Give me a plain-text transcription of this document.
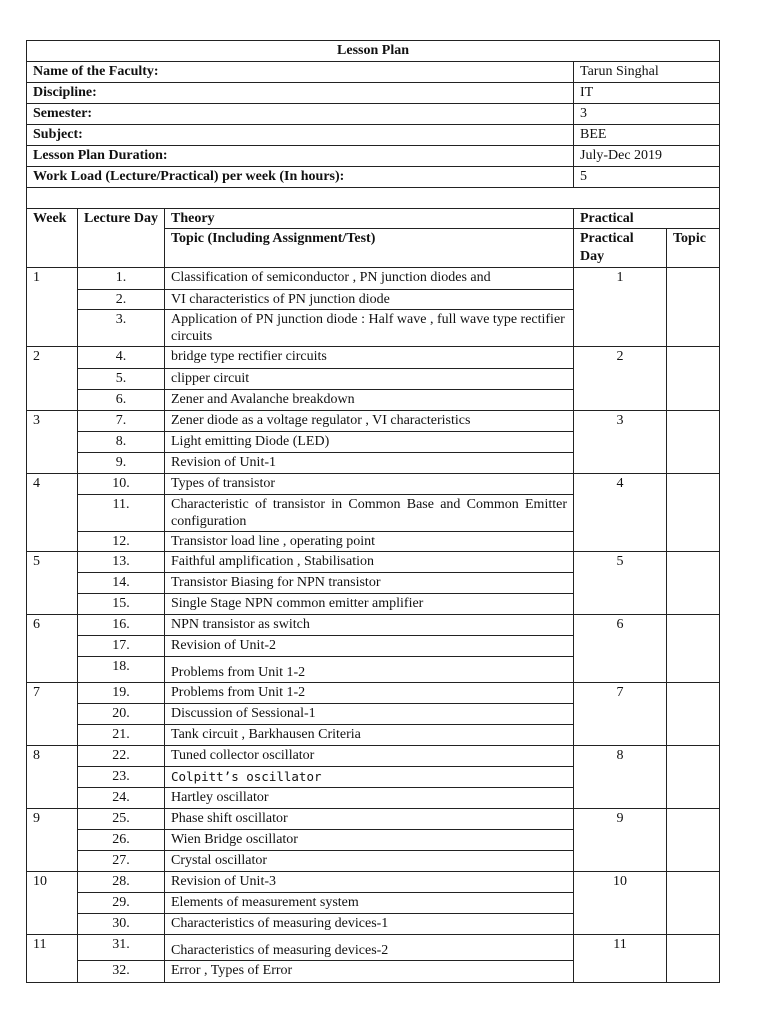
Lesson Plan				
Name of the Faculty:			Tarun Singhal	
Discipline:			IT	
Semester:			3	
Subject:			BEE	
Lesson Plan Duration:			July-Dec 2019	
Work Load (Lecture/Practical) per week (In hours):			5	

Week	Lecture Day	Theory	Practical	
		Topic (Including Assignment/Test)	Practical Day	Topic
1	1.	Classification of semiconductor , PN junction diodes and	1	
	2.	VI characteristics of PN junction diode		
	3.	Application of PN junction diode : Half wave , full wave type rectifier circuits		
2	4.	bridge type rectifier circuits	2	
	5.	clipper circuit		
	6.	Zener and Avalanche breakdown		
3	7.	Zener diode as a voltage regulator , VI characteristics	3	
	8.	Light emitting Diode (LED)		
	9.	Revision of Unit-1		
4	10.	Types of transistor	4	
	11.	Characteristic of transistor in Common Base and Common Emitter configuration		
	12.	Transistor load line , operating point		
5	13.	Faithful amplification , Stabilisation	5	
	14.	Transistor Biasing for NPN transistor		
	15.	Single Stage NPN common emitter amplifier		
6	16.	NPN transistor as switch	6	
	17.	Revision of Unit-2		
	18.	Problems from Unit 1-2		
7	19.	Problems from Unit 1-2	7	
	20.	Discussion of Sessional-1		
	21.	Tank circuit , Barkhausen Criteria		
8	22.	Tuned collector oscillator	8	
	23.	Colpitt’s oscillator		
	24.	Hartley oscillator		
9	25.	Phase shift oscillator	9	
	26.	Wien Bridge oscillator		
	27.	Crystal oscillator		
10	28.	Revision of Unit-3	10	
	29.	Elements of measurement system		
	30.	Characteristics of measuring devices-1		
11	31.	Characteristics of measuring devices-2	11	
	32.	Error , Types of Error		
